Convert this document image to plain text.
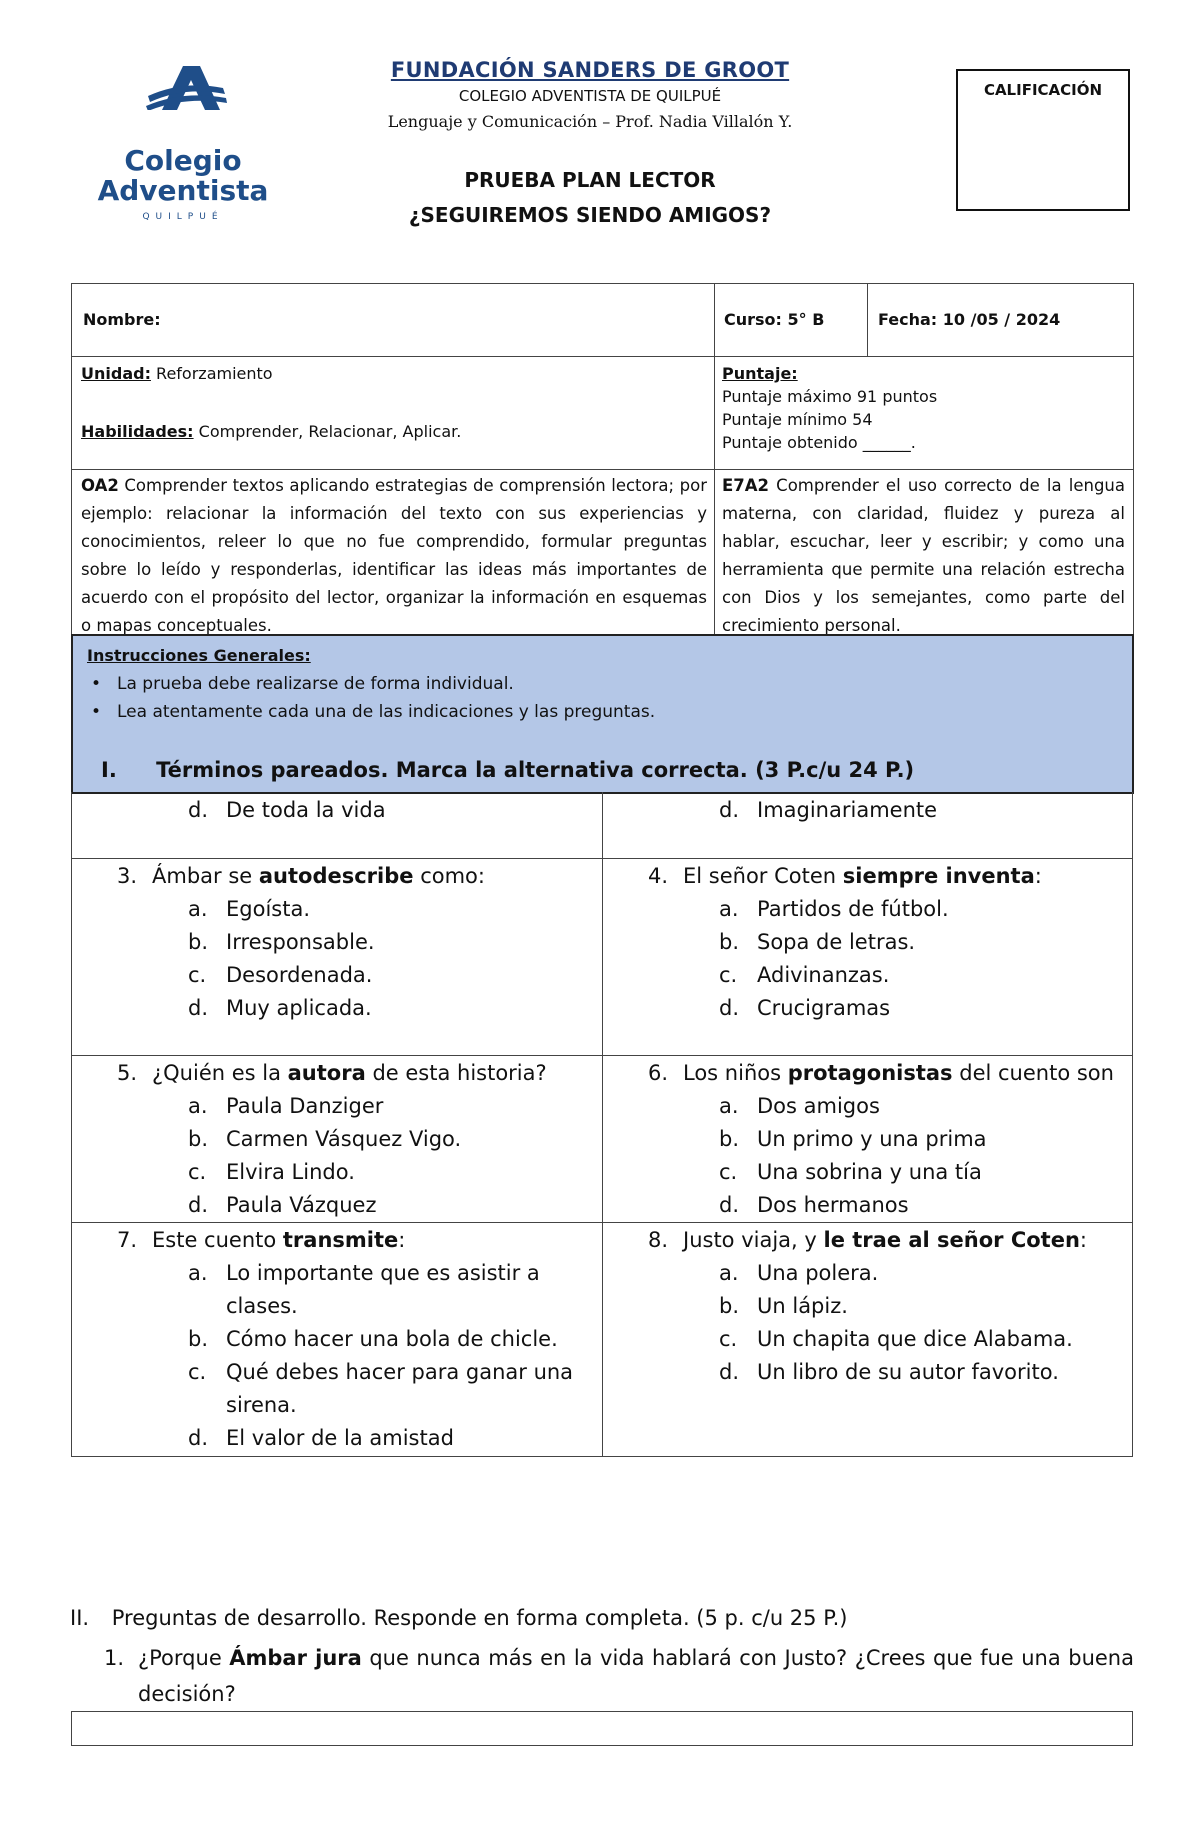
Colegio
Adventista
QUILPUÉ
FUNDACIÓN SANDERS DE GROOT
COLEGIO ADVENTISTA DE QUILPUÉ
Lenguaje y Comunicación – Prof. Nadia Villalón Y.
PRUEBA PLAN LECTOR
¿SEGUIREMOS SIENDO AMIGOS?
CALIFICACIÓN
Nombre:	Curso: 5° B	Fecha: 10 /05 / 2024
Unidad: Reforzamiento
Habilidades: Comprender, Relacionar, Aplicar.
Puntaje:
Puntaje máximo 91 puntos
Puntaje mínimo 54
Puntaje obtenido ______.
OA2 Comprender textos aplicando estrategias de comprensión lectora; por ejemplo: relacionar la información del texto con sus experiencias y conocimientos, releer lo que no fue comprendido, formular preguntas sobre lo leído y responderlas, identificar las ideas más importantes de acuerdo con el propósito del lector, organizar la información en esquemas o mapas conceptuales.
E7A2 Comprender el uso correcto de la lengua materna, con claridad, fluidez y pureza al hablar, escuchar, leer y escribir; y como una herramienta que permite una relación estrecha con Dios y los semejantes, como parte del crecimiento personal.
Instrucciones Generales:
• La prueba debe realizarse de forma individual.
• Lea atentamente cada una de las indicaciones y las preguntas.
I. Términos pareados. Marca la alternativa correcta. (3 P.c/u 24 P.)
d. De toda la vida	d. Imaginariamente
3. Ámbar se autodescribe como:
a. Egoísta.
b. Irresponsable.
c. Desordenada.
d. Muy aplicada.
4. El señor Coten siempre inventa:
a. Partidos de fútbol.
b. Sopa de letras.
c. Adivinanzas.
d. Crucigramas
5. ¿Quién es la autora de esta historia?
a. Paula Danziger
b. Carmen Vásquez Vigo.
c. Elvira Lindo.
d. Paula Vázquez
6. Los niños protagonistas del cuento son
a. Dos amigos
b. Un primo y una prima
c. Una sobrina y una tía
d. Dos hermanos
7. Este cuento transmite:
a. Lo importante que es asistir a clases.
b. Cómo hacer una bola de chicle.
c. Qué debes hacer para ganar una sirena.
d. El valor de la amistad
8. Justo viaja, y le trae al señor Coten:
a. Una polera.
b. Un lápiz.
c. Un chapita que dice Alabama.
d. Un libro de su autor favorito.
II. Preguntas de desarrollo. Responde en forma completa. (5 p. c/u 25 P.)
1. ¿Porque Ámbar jura que nunca más en la vida hablará con Justo? ¿Crees que fue una buena decisión?
